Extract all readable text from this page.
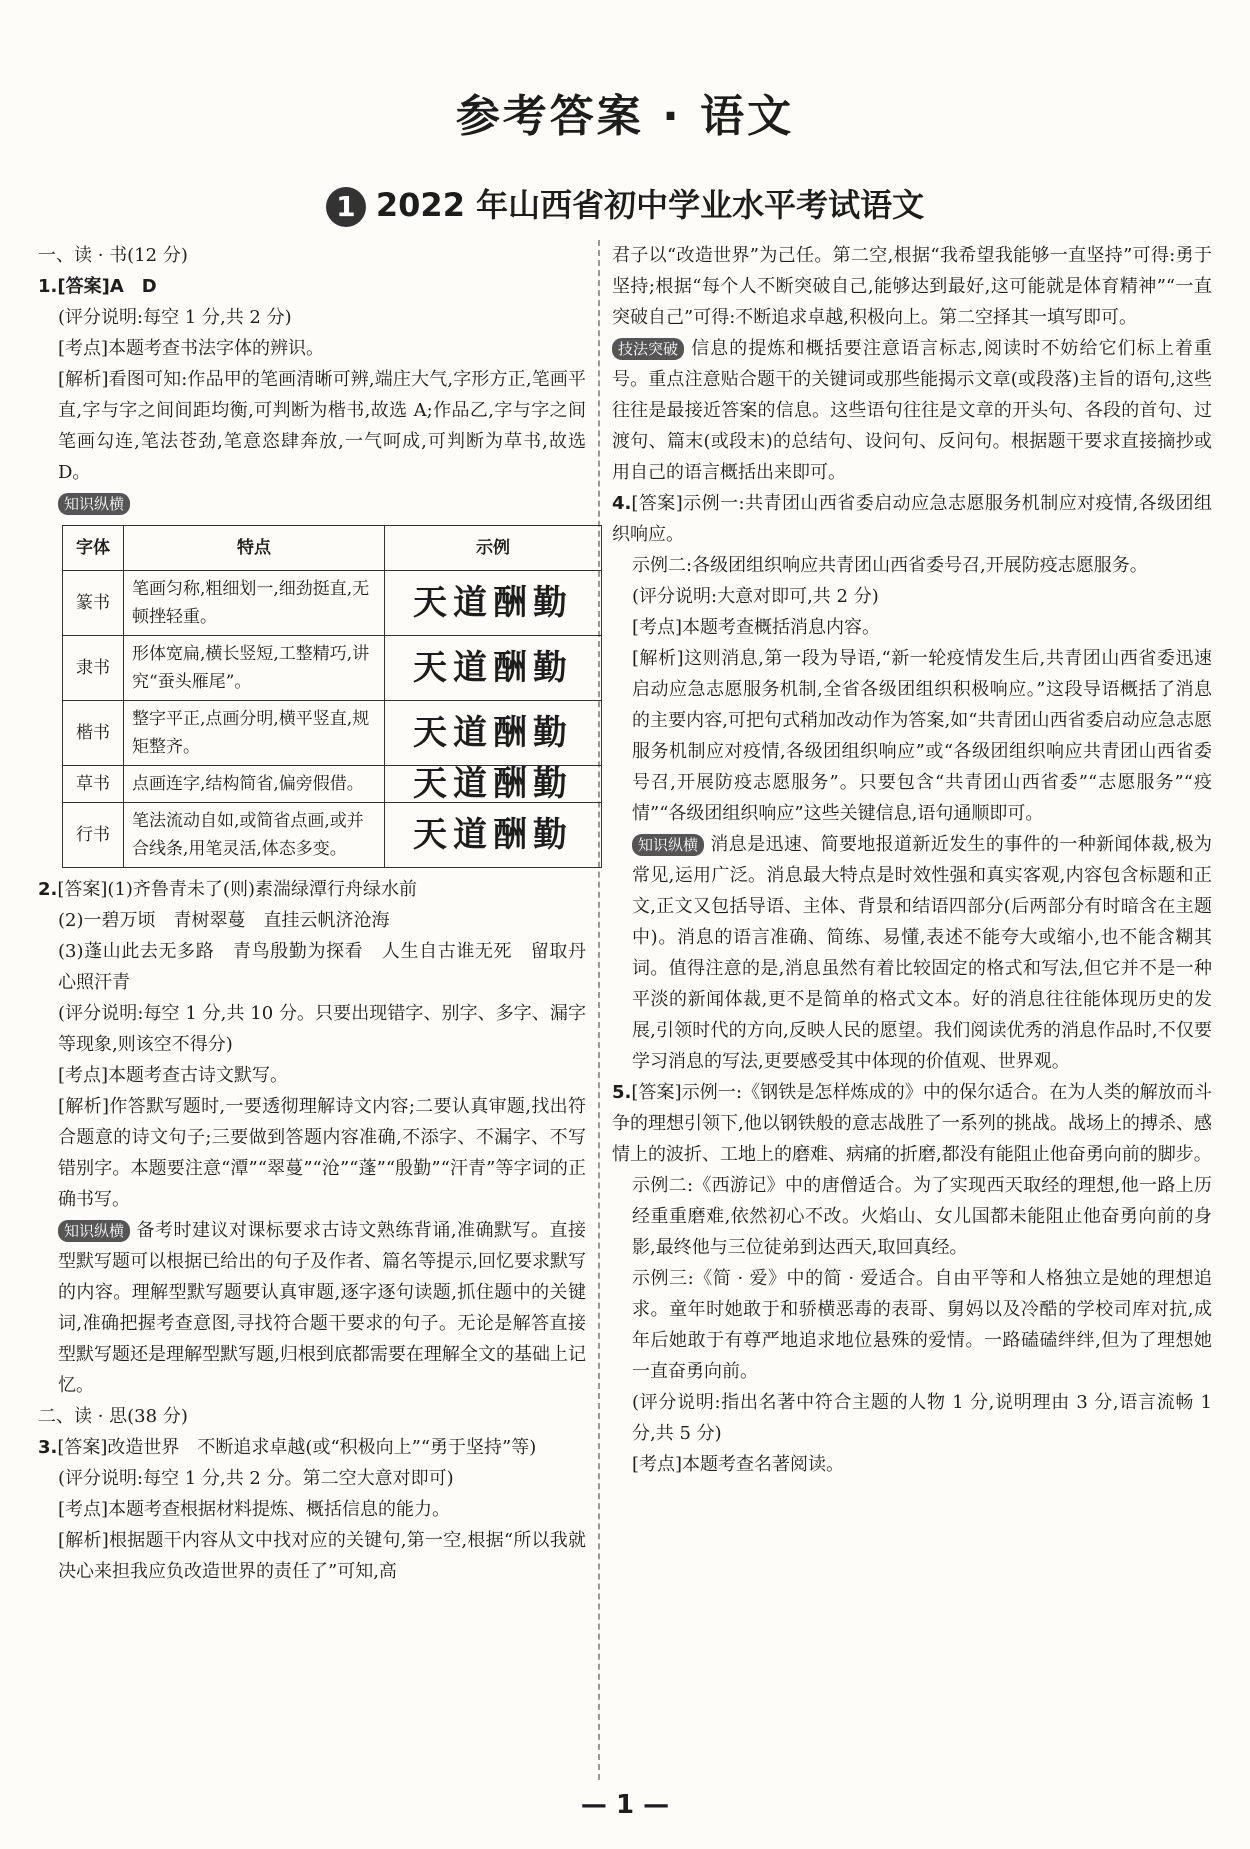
参考答案 · 语文
1 2022 年山西省初中学业水平考试语文

一、读 · 书(12 分)

1.[答案]A　D

(评分说明:每空 1 分,共 2 分)

[考点]本题考查书法字体的辨识。

[解析]看图可知:作品甲的笔画清晰可辨,端庄大气,字形方正,笔画平直,字与字之间间距均衡,可判断为楷书,故选 A;作品乙,字与字之间笔画勾连,笔法苍劲,笔意恣肆奔放,一气呵成,可判断为草书,故选 D。

知识纵横

字体	特点	示例
篆书	笔画匀称,粗细划一,细劲挺直,无顿挫轻重。	天道酬勤
隶书	形体宽扁,横长竖短,工整精巧,讲究“蚕头雁尾”。	天道酬勤
楷书	整字平正,点画分明,横平竖直,规矩整齐。	天道酬勤
草书	点画连字,结构简省,偏旁假借。	天道酬勤
行书	笔法流动自如,或简省点画,或并合线条,用笔灵活,体态多变。	天道酬勤

2.[答案](1)齐鲁青未了(则)素湍绿潭行舟绿水前

(2)一碧万顷　青树翠蔓　直挂云帆济沧海

(3)蓬山此去无多路　青鸟殷勤为探看　人生自古谁无死　留取丹心照汗青

(评分说明:每空 1 分,共 10 分。只要出现错字、别字、多字、漏字等现象,则该空不得分)

[考点]本题考查古诗文默写。

[解析]作答默写题时,一要透彻理解诗文内容;二要认真审题,找出符合题意的诗文句子;三要做到答题内容准确,不添字、不漏字、不写错别字。本题要注意“潭”“翠蔓”“沧”“蓬”“殷勤”“汗青”等字词的正确书写。

知识纵横 备考时建议对课标要求古诗文熟练背诵,准确默写。直接型默写题可以根据已给出的句子及作者、篇名等提示,回忆要求默写的内容。理解型默写题要认真审题,逐字逐句读题,抓住题中的关键词,准确把握考查意图,寻找符合题干要求的句子。无论是解答直接型默写题还是理解型默写题,归根到底都需要在理解全文的基础上记忆。

二、读 · 思(38 分)

3.[答案]改造世界　不断追求卓越(或“积极向上”“勇于坚持”等)

(评分说明:每空 1 分,共 2 分。第二空大意对即可)

[考点]本题考查根据材料提炼、概括信息的能力。

[解析]根据题干内容从文中找对应的关键句,第一空,根据“所以我就决心来担我应负改造世界的责任了”可知,高

君子以“改造世界”为己任。第二空,根据“我希望我能够一直坚持”可得:勇于坚持;根据“每个人不断突破自己,能够达到最好,这可能就是体育精神”“一直突破自己”可得:不断追求卓越,积极向上。第二空择其一填写即可。

技法突破 信息的提炼和概括要注意语言标志,阅读时不妨给它们标上着重号。重点注意贴合题干的关键词或那些能揭示文章(或段落)主旨的语句,这些往往是最接近答案的信息。这些语句往往是文章的开头句、各段的首句、过渡句、篇末(或段末)的总结句、设问句、反问句。根据题干要求直接摘抄或用自己的语言概括出来即可。

4.[答案]示例一:共青团山西省委启动应急志愿服务机制应对疫情,各级团组织响应。

示例二:各级团组织响应共青团山西省委号召,开展防疫志愿服务。

(评分说明:大意对即可,共 2 分)

[考点]本题考查概括消息内容。

[解析]这则消息,第一段为导语,“新一轮疫情发生后,共青团山西省委迅速启动应急志愿服务机制,全省各级团组织积极响应。”这段导语概括了消息的主要内容,可把句式稍加改动作为答案,如“共青团山西省委启动应急志愿服务机制应对疫情,各级团组织响应”或“各级团组织响应共青团山西省委号召,开展防疫志愿服务”。只要包含“共青团山西省委”“志愿服务”“疫情”“各级团组织响应”这些关键信息,语句通顺即可。

知识纵横 消息是迅速、简要地报道新近发生的事件的一种新闻体裁,极为常见,运用广泛。消息最大特点是时效性强和真实客观,内容包含标题和正文,正文又包括导语、主体、背景和结语四部分(后两部分有时暗含在主题中)。消息的语言准确、简练、易懂,表述不能夸大或缩小,也不能含糊其词。值得注意的是,消息虽然有着比较固定的格式和写法,但它并不是一种平淡的新闻体裁,更不是简单的格式文本。好的消息往往能体现历史的发展,引领时代的方向,反映人民的愿望。我们阅读优秀的消息作品时,不仅要学习消息的写法,更要感受其中体现的价值观、世界观。

5.[答案]示例一:《钢铁是怎样炼成的》中的保尔适合。在为人类的解放而斗争的理想引领下,他以钢铁般的意志战胜了一系列的挑战。战场上的搏杀、感情上的波折、工地上的磨难、病痛的折磨,都没有能阻止他奋勇向前的脚步。

示例二:《西游记》中的唐僧适合。为了实现西天取经的理想,他一路上历经重重磨难,依然初心不改。火焰山、女儿国都未能阻止他奋勇向前的身影,最终他与三位徒弟到达西天,取回真经。

示例三:《简 · 爱》中的简 · 爱适合。自由平等和人格独立是她的理想追求。童年时她敢于和骄横恶毒的表哥、舅妈以及冷酷的学校司库对抗,成年后她敢于有尊严地追求地位悬殊的爱情。一路磕磕绊绊,但为了理想她一直奋勇向前。

(评分说明:指出名著中符合主题的人物 1 分,说明理由 3 分,语言流畅 1 分,共 5 分)

[考点]本题考查名著阅读。

— 1 —
